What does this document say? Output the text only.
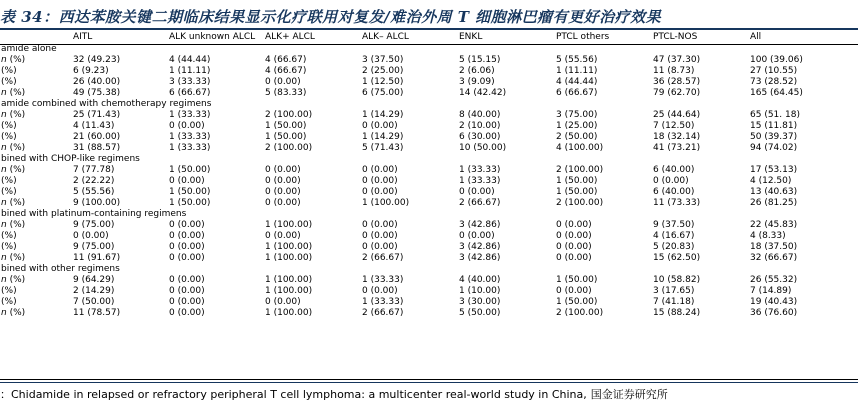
表 34：西达苯胺关键二期临床结果显示化疗联用对复发/难治外周 T 细胞淋巴瘤有更好治疗效果
	AITL	ALK unknown ALCL	ALK+ ALCL	ALK– ALCL	ENKL	PTCL others	PTCL-NOS	All
amide alone								
n (%)	32 (49.23)	4 (44.44)	4 (66.67)	3 (37.50)	5 (15.15)	5 (55.56)	47 (37.30)	100 (39.06)
(%)	6 (9.23)	1 (11.11)	4 (66.67)	2 (25.00)	2 (6.06)	1 (11.11)	11 (8.73)	27 (10.55)
(%)	26 (40.00)	3 (33.33)	0 (0.00)	1 (12.50)	3 (9.09)	4 (44.44)	36 (28.57)	73 (28.52)
n (%)	49 (75.38)	6 (66.67)	5 (83.33)	6 (75.00)	14 (42.42)	6 (66.67)	79 (62.70)	165 (64.45)
amide combined with chemotherapy regimens								
n (%)	25 (71.43)	1 (33.33)	2 (100.00)	1 (14.29)	8 (40.00)	3 (75.00)	25 (44.64)	65 (51. 18)
(%)	4 (11.43)	0 (0.00)	1 (50.00)	0 (0.00)	2 (10.00)	1 (25.00)	7 (12.50)	15 (11.81)
(%)	21 (60.00)	1 (33.33)	1 (50.00)	1 (14.29)	6 (30.00)	2 (50.00)	18 (32.14)	50 (39.37)
n (%)	31 (88.57)	1 (33.33)	2 (100.00)	5 (71.43)	10 (50.00)	4 (100.00)	41 (73.21)	94 (74.02)
bined with CHOP-like regimens								
n (%)	7 (77.78)	1 (50.00)	0 (0.00)	0 (0.00)	1 (33.33)	2 (100.00)	6 (40.00)	17 (53.13)
(%)	2 (22.22)	0 (0.00)	0 (0.00)	0 (0.00)	1 (33.33)	1 (50.00)	0 (0.00)	4 (12.50)
(%)	5 (55.56)	1 (50.00)	0 (0.00)	0 (0.00)	0 (0.00)	1 (50.00)	6 (40.00)	13 (40.63)
n (%)	9 (100.00)	1 (50.00)	0 (0.00)	1 (100.00)	2 (66.67)	2 (100.00)	11 (73.33)	26 (81.25)
bined with platinum-containing regimens								
n (%)	9 (75.00)	0 (0.00)	1 (100.00)	0 (0.00)	3 (42.86)	0 (0.00)	9 (37.50)	22 (45.83)
(%)	0 (0.00)	0 (0.00)	0 (0.00)	0 (0.00)	0 (0.00)	0 (0.00)	4 (16.67)	4 (8.33)
(%)	9 (75.00)	0 (0.00)	1 (100.00)	0 (0.00)	3 (42.86)	0 (0.00)	5 (20.83)	18 (37.50)
n (%)	11 (91.67)	0 (0.00)	1 (100.00)	2 (66.67)	3 (42.86)	0 (0.00)	15 (62.50)	32 (66.67)
bined with other regimens								
n (%)	9 (64.29)	0 (0.00)	1 (100.00)	1 (33.33)	4 (40.00)	1 (50.00)	10 (58.82)	26 (55.32)
(%)	2 (14.29)	0 (0.00)	1 (100.00)	0 (0.00)	1 (10.00)	0 (0.00)	3 (17.65)	7 (14.89)
(%)	7 (50.00)	0 (0.00)	0 (0.00)	1 (33.33)	3 (30.00)	1 (50.00)	7 (41.18)	19 (40.43)
n (%)	11 (78.57)	0 (0.00)	1 (100.00)	2 (66.67)	5 (50.00)	2 (100.00)	15 (88.24)	36 (76.60)
：Chidamide in relapsed or refractory peripheral T cell lymphoma: a multicenter real-world study in China, 国金证券研究所
